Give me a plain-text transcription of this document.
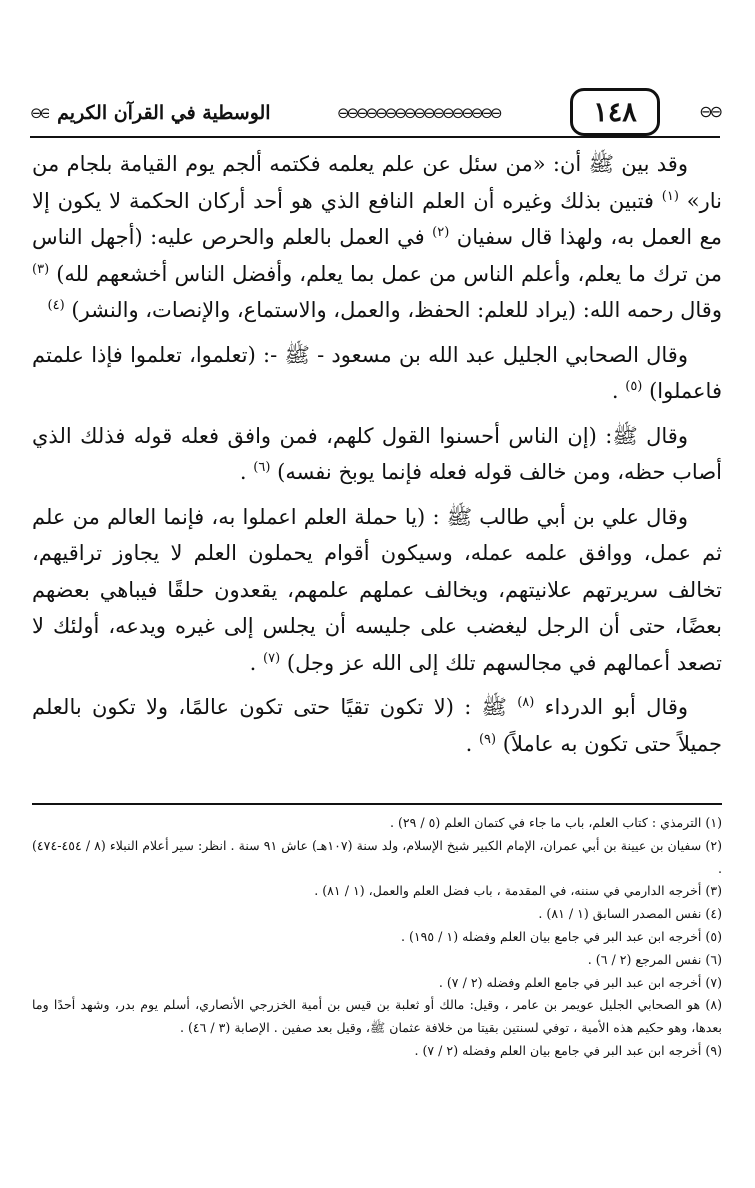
⊖⊖
١٤٨
⊖⊖⊖⊖⊖⊖⊖⊖⊖⊖⊖⊖⊖⊖⊖⊖⊖
الوسطية في القرآن الكريم
⊖⊖

وقد بين ﷺ أن: «من سئل عن علم يعلمه فكتمه ألجم يوم القيامة بلجام من نار» $^{(١)}$ فتبين بذلك وغيره أن العلم النافع الذي هو أحد أركان الحكمة لا يكون إلا مع العمل به، ولهذا قال سفيان $^{(٢)}$ في العمل بالعلم والحرص عليه: (أجهل الناس من ترك ما يعلم، وأعلم الناس من عمل بما يعلم، وأفضل الناس أخشعهم لله) $^{(٣)}$ وقال رحمه الله: (يراد للعلم: الحفظ، والعمل، والاستماع، والإنصات، والنشر) $^{(٤)}$

وقال الصحابي الجليل عبد الله بن مسعود - ﷺ -: (تعلموا، تعلموا فإذا علمتم فاعملوا) $^{(٥)}$ .

وقال ﷺ: (إن الناس أحسنوا القول كلهم، فمن وافق فعله قوله فذلك الذي أصاب حظه، ومن خالف قوله فعله فإنما يوبخ نفسه) $^{(٦)}$ .

وقال علي بن أبي طالب ﷺ : (يا حملة العلم اعملوا به، فإنما العالم من علم ثم عمل، ووافق علمه عمله، وسيكون أقوام يحملون العلم لا يجاوز تراقيهم، تخالف سريرتهم علانيتهم، ويخالف عملهم علمهم، يقعدون حلقًا فيباهي بعضهم بعضًا، حتى أن الرجل ليغضب على جليسه أن يجلس إلى غيره ويدعه، أولئك لا تصعد أعمالهم في مجالسهم تلك إلى الله عز وجل) $^{(٧)}$ .

وقال أبو الدرداء $^{(٨)}$ ﷺ : (لا تكون تقيًا حتى تكون عالمًا، ولا تكون بالعلم جميلاً حتى تكون به عاملاً) $^{(٩)}$ .

(١) الترمذي : كتاب العلم، باب ما جاء في كتمان العلم (٥ / ٢٩) .

(٢) سفيان بن عيينة بن أبي عمران، الإمام الكبير شيخ الإسلام، ولد سنة (١٠٧هـ) عاش ٩١ سنة . انظر: سير أعلام النبلاء (٨ / ٤٥٤-٤٧٤) .

(٣) أخرجه الدارمي في سننه، في المقدمة ، باب فضل العلم والعمل، (١ / ٨١) .

(٤) نفس المصدر السابق (١ / ٨١) .

(٥) أخرجه ابن عبد البر في جامع بيان العلم وفضله (١ / ١٩٥) .

(٦) نفس المرجع (٢ / ٦) .

(٧) أخرجه ابن عبد البر في جامع العلم وفضله (٢ / ٧) .

(٨) هو الصحابي الجليل عويمر بن عامر ، وقيل: مالك أو ثعلبة بن قيس بن أمية الخزرجي الأنصاري، أسلم يوم بدر، وشهد أحدًا وما بعدها، وهو حكيم هذه الأمية ، توفي لسنتين بقيتا من خلافة عثمان ﷺ، وقيل بعد صفين . الإصابة (٣ / ٤٦) .

(٩) أخرجه ابن عبد البر في جامع بيان العلم وفضله (٢ / ٧) .
